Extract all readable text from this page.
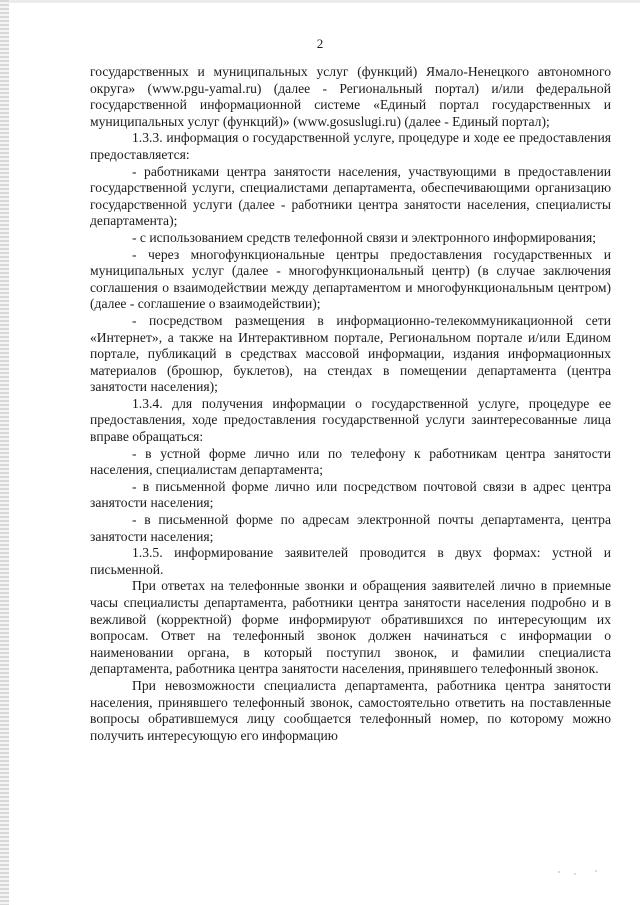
2

государственных и муниципальных услуг (функций) Ямало-Ненецкого автономного округа» (www.pgu-yamal.ru) (далее - Региональный портал) и/или федеральной государственной информационной системе «Единый портал государственных и муниципальных услуг (функций)» (www.gosuslugi.ru) (далее - Единый портал);

1.3.3. информация о государственной услуге, процедуре и ходе ее предоставления предоставляется:

- работниками центра занятости населения, участвующими в предоставлении государственной услуги, специалистами департамента, обеспечивающими организацию государственной услуги (далее - работники центра занятости населения, специалисты департамента);

- с использованием средств телефонной связи и электронного информирования;

- через многофункциональные центры предоставления государственных и муниципальных услуг (далее - многофункциональный центр) (в случае заключения соглашения о взаимодействии между департаментом и многофункциональным центром) (далее - соглашение о взаимодействии);

- посредством размещения в информационно-телекоммуникационной сети «Интернет», а также на Интерактивном портале, Региональном портале и/или Едином портале, публикаций в средствах массовой информации, издания информационных материалов (брошюр, буклетов), на стендах в помещении департамента (центра занятости населения);

1.3.4. для получения информации о государственной услуге, процедуре ее предоставления, ходе предоставления государственной услуги заинтересованные лица вправе обращаться:

- в устной форме лично или по телефону к работникам центра занятости населения, специалистам департамента;

- в письменной форме лично или посредством почтовой связи в адрес центра занятости населения;

- в письменной форме по адресам электронной почты департамента, центра занятости населения;

1.3.5. информирование заявителей проводится в двух формах: устной и письменной.

При ответах на телефонные звонки и обращения заявителей лично в приемные часы специалисты департамента, работники центра занятости населения подробно и в вежливой (корректной) форме информируют обратившихся по интересующим их вопросам. Ответ на телефонный звонок должен начинаться с информации о наименовании органа, в который поступил звонок, и фамилии специалиста департамента, работника центра занятости населения, принявшего телефонный звонок.

При невозможности специалиста департамента, работника центра занятости населения, принявшего телефонный звонок, самостоятельно ответить на поставленные вопросы обратившемуся лицу сообщается телефонный номер, по которому можно получить интересующую его информацию
